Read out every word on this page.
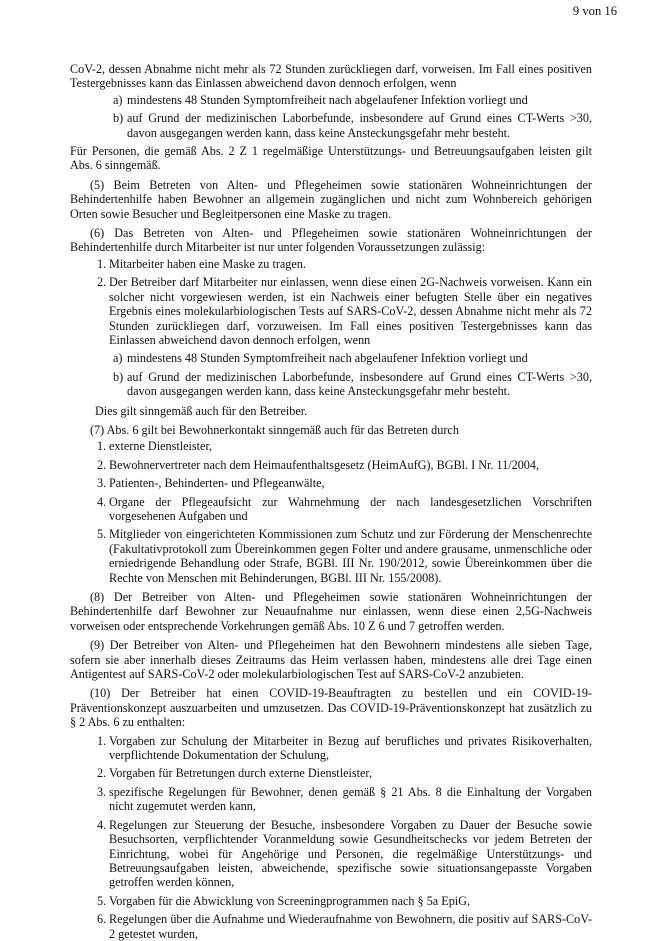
9 von 16

CoV-2, dessen Abnahme nicht mehr als 72 Stunden zurückliegen darf, vorweisen. Im Fall eines positiven Testergebnisses kann das Einlassen abweichend davon dennoch erfolgen, wenn

a) mindestens 48 Stunden Symptomfreiheit nach abgelaufener Infektion vorliegt und

b) auf Grund der medizinischen Laborbefunde, insbesondere auf Grund eines CT-Werts >30, davon ausgegangen werden kann, dass keine Ansteckungsgefahr mehr besteht.

Für Personen, die gemäß Abs. 2 Z 1 regelmäßige Unterstützungs- und Betreuungsaufgaben leisten gilt Abs. 6 sinngemäß.

(5) Beim Betreten von Alten- und Pflegeheimen sowie stationären Wohneinrichtungen der Behindertenhilfe haben Bewohner an allgemein zugänglichen und nicht zum Wohnbereich gehörigen Orten sowie Besucher und Begleitpersonen eine Maske zu tragen.

(6) Das Betreten von Alten- und Pflegeheimen sowie stationären Wohneinrichtungen der Behindertenhilfe durch Mitarbeiter ist nur unter folgenden Voraussetzungen zulässig:

1. Mitarbeiter haben eine Maske zu tragen.

2. Der Betreiber darf Mitarbeiter nur einlassen, wenn diese einen 2G-Nachweis vorweisen. Kann ein solcher nicht vorgewiesen werden, ist ein Nachweis einer befugten Stelle über ein negatives Ergebnis eines molekularbiologischen Tests auf SARS-CoV-2, dessen Abnahme nicht mehr als 72 Stunden zurückliegen darf, vorzuweisen. Im Fall eines positiven Testergebnisses kann das Einlassen abweichend davon dennoch erfolgen, wenn

a) mindestens 48 Stunden Symptomfreiheit nach abgelaufener Infektion vorliegt und

b) auf Grund der medizinischen Laborbefunde, insbesondere auf Grund eines CT-Werts >30, davon ausgegangen werden kann, dass keine Ansteckungsgefahr mehr besteht.

Dies gilt sinngemäß auch für den Betreiber.

(7) Abs. 6 gilt bei Bewohnerkontakt sinngemäß auch für das Betreten durch

1. externe Dienstleister,

2. Bewohnervertreter nach dem Heimaufenthaltsgesetz (HeimAufG), BGBl. I Nr. 11/2004,

3. Patienten-, Behinderten- und Pflegeanwälte,

4. Organe der Pflegeaufsicht zur Wahrnehmung der nach landesgesetzlichen Vorschriften vorgesehenen Aufgaben und

5. Mitglieder von eingerichteten Kommissionen zum Schutz und zur Förderung der Menschenrechte (Fakultativprotokoll zum Übereinkommen gegen Folter und andere grausame, unmenschliche oder erniedrigende Behandlung oder Strafe, BGBl. III Nr. 190/2012, sowie Übereinkommen über die Rechte von Menschen mit Behinderungen, BGBl. III Nr. 155/2008).

(8) Der Betreiber von Alten- und Pflegeheimen sowie stationären Wohneinrichtungen der Behindertenhilfe darf Bewohner zur Neuaufnahme nur einlassen, wenn diese einen 2,5G-Nachweis vorweisen oder entsprechende Vorkehrungen gemäß Abs. 10 Z 6 und 7 getroffen werden.

(9) Der Betreiber von Alten- und Pflegeheimen hat den Bewohnern mindestens alle sieben Tage, sofern sie aber innerhalb dieses Zeitraums das Heim verlassen haben, mindestens alle drei Tage einen Antigentest auf SARS-CoV-2 oder molekularbiologischen Test auf SARS-CoV-2 anzubieten.

(10) Der Betreiber hat einen COVID-19-Beauftragten zu bestellen und ein COVID-19-Präventionskonzept auszuarbeiten und umzusetzen. Das COVID-19-Präventionskonzept hat zusätzlich zu § 2 Abs. 6 zu enthalten:

1. Vorgaben zur Schulung der Mitarbeiter in Bezug auf berufliches und privates Risikoverhalten, verpflichtende Dokumentation der Schulung,

2. Vorgaben für Betretungen durch externe Dienstleister,

3. spezifische Regelungen für Bewohner, denen gemäß § 21 Abs. 8 die Einhaltung der Vorgaben nicht zugemutet werden kann,

4. Regelungen zur Steuerung der Besuche, insbesondere Vorgaben zu Dauer der Besuche sowie Besuchsorten, verpflichtender Voranmeldung sowie Gesundheitschecks vor jedem Betreten der Einrichtung, wobei für Angehörige und Personen, die regelmäßige Unterstützungs- und Betreuungsaufgaben leisten, abweichende, spezifische sowie situationsangepasste Vorgaben getroffen werden können,

5. Vorgaben für die Abwicklung von Screeningprogrammen nach § 5a EpiG,

6. Regelungen über die Aufnahme und Wiederaufnahme von Bewohnern, die positiv auf SARS-CoV-2 getestet wurden,
